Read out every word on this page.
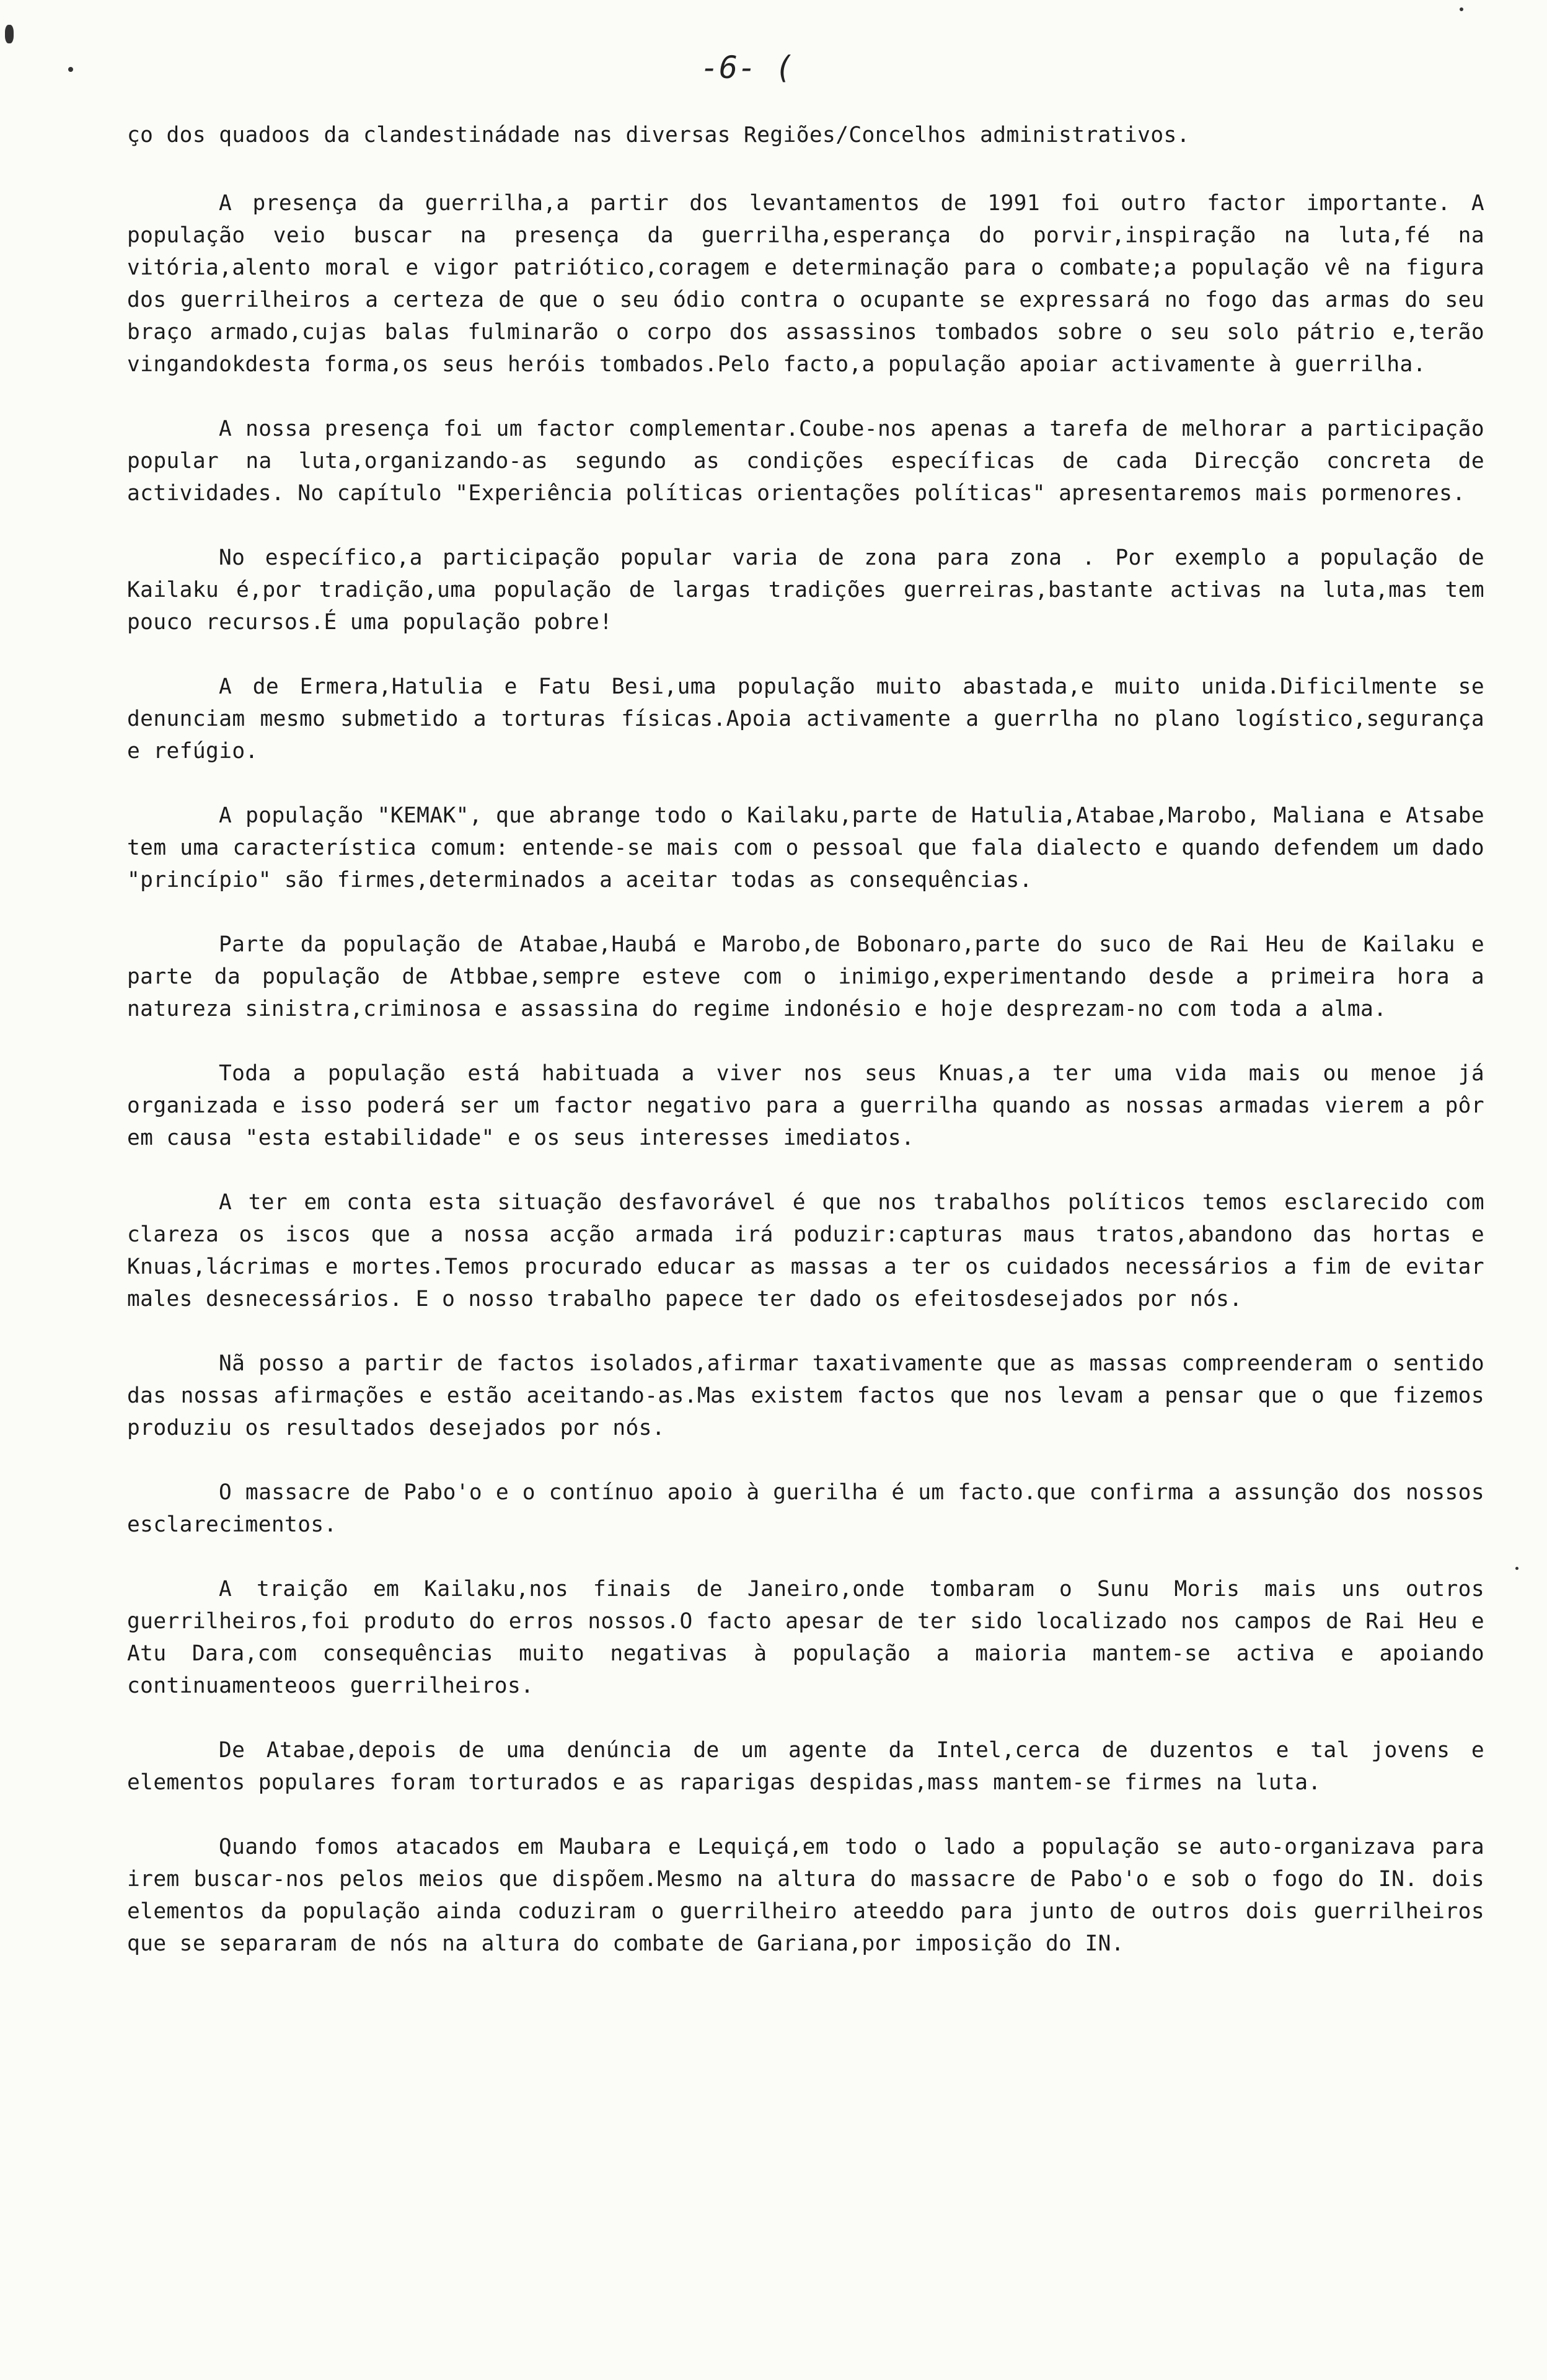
-6- (

ço dos quadoos da clandestinádade nas diversas Regiões/Concelhos administrativos.

A presença da guerrilha,a partir dos levantamentos de 1991 foi outro factor importante. A população veio buscar na presença da guerrilha,esperança do porvir,inspiração na luta,fé na vitória,alento moral e vigor patriótico,coragem e determinação para o combate;a população vê na figura dos guerrilheiros a certeza de que o seu ódio contra o ocupante se expressará no fogo das armas do seu braço armado,cujas balas fulminarão o corpo dos assassinos tombados sobre o seu solo pátrio e,terão vingandokdesta forma,os seus heróis tombados.Pelo facto,a população apoiar activamente à guerrilha.

A nossa presença foi um factor complementar.Coube-nos apenas a tarefa de melhorar a participação popular na luta,organizando-as segundo as condições específicas de cada Direcção concreta de actividades. No capítulo "Experiência políticas orientações políticas" apresentaremos mais pormenores.

No específico,a participação popular varia de zona para zona . Por exemplo a população de Kailaku é,por tradição,uma população de largas tradições guerreiras,bastante activas na luta,mas tem pouco recursos.É uma população pobre!

A de Ermera,Hatulia e Fatu Besi,uma população muito abastada,e muito unida.Dificilmente se denunciam mesmo submetido a torturas físicas.Apoia activamente a guerrlha no plano logístico,segurança e refúgio.

A população "KEMAK", que abrange todo o Kailaku,parte de Hatulia,Atabae,Marobo, Maliana e Atsabe tem uma característica comum: entende-se mais com o pessoal que fala dialecto e quando defendem um dado "princípio" são firmes,determinados a aceitar todas as consequências.

Parte da população de Atabae,Haubá e Marobo,de Bobonaro,parte do suco de Rai Heu de Kailaku e parte da população de Atbbae,sempre esteve com o inimigo,experimentando desde a primeira hora a natureza sinistra,criminosa e assassina do regime indonésio e hoje desprezam-no com toda a alma.

Toda a população está habituada a viver nos seus Knuas,a ter uma vida mais ou menoe já organizada e isso poderá ser um factor negativo para a guerrilha quando as nossas armadas vierem a pôr em causa "esta estabilidade" e os seus interesses imediatos.

A ter em conta esta situação desfavorável é que nos trabalhos políticos temos esclarecido com clareza os iscos que a nossa acção armada irá poduzir:capturas maus tratos,abandono das hortas e Knuas,lácrimas e mortes.Temos procurado educar as massas a ter os cuidados necessários a fim de evitar males desnecessários. E o nosso trabalho papece ter dado os efeitosdesejados por nós.

Nã posso a partir de factos isolados,afirmar taxativamente que as massas compreenderam o sentido das nossas afirmações e estão aceitando-as.Mas existem factos que nos levam a pensar que o que fizemos produziu os resultados desejados por nós.

O massacre de Pabo'o e o contínuo apoio à guerilha é um facto.que confirma a assunção dos nossos esclarecimentos.

A traição em Kailaku,nos finais de Janeiro,onde tombaram o Sunu Moris mais uns outros guerrilheiros,foi produto do erros nossos.O facto apesar de ter sido localizado nos campos de Rai Heu e Atu Dara,com consequências muito negativas à população a maioria mantem-se activa e apoiando continuamenteoos guerrilheiros.

De Atabae,depois de uma denúncia de um agente da Intel,cerca de duzentos e tal jovens e elementos populares foram torturados e as raparigas despidas,mass mantem-se firmes na luta.

Quando fomos atacados em Maubara e Lequiçá,em todo o lado a população se auto-organizava para irem buscar-nos pelos meios que dispõem.Mesmo na altura do massacre de Pabo'o e sob o fogo do IN. dois elementos da população ainda coduziram o guerrilheiro ateeddo para junto de outros dois guerrilheiros que se separaram de nós na altura do combate de Gariana,por imposição do IN.
